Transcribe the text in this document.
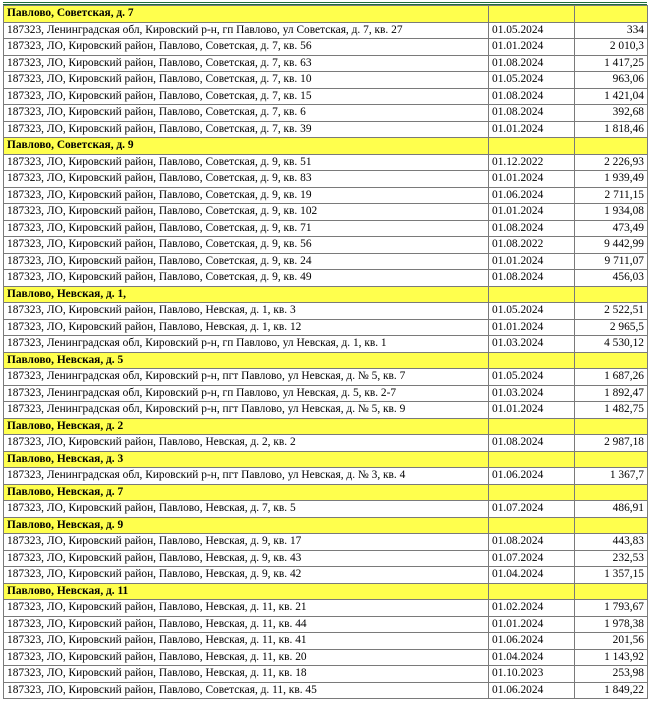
Павлово, Советская, д. 7		
187323, Ленинградская обл, Кировский р-н, гп Павлово, ул Советская, д. 7, кв. 27	01.05.2024	334
187323, ЛО, Кировский район, Павлово, Советская, д. 7, кв. 56	01.01.2024	2 010,3
187323, ЛО, Кировский район, Павлово, Советская, д. 7, кв. 63	01.08.2024	1 417,25
187323, ЛО, Кировский район, Павлово, Советская, д. 7, кв. 10	01.05.2024	963,06
187323, ЛО, Кировский район, Павлово, Советская, д. 7, кв. 15	01.08.2024	1 421,04
187323, ЛО, Кировский район, Павлово, Советская, д. 7, кв. 6	01.08.2024	392,68
187323, ЛО, Кировский район, Павлово, Советская, д. 7, кв. 39	01.01.2024	1 818,46
Павлово, Советская, д. 9		
187323, ЛО, Кировский район, Павлово, Советская, д. 9, кв. 51	01.12.2022	2 226,93
187323, ЛО, Кировский район, Павлово, Советская, д. 9, кв. 83	01.01.2024	1 939,49
187323, ЛО, Кировский район, Павлово, Советская, д. 9, кв. 19	01.06.2024	2 711,15
187323, ЛО, Кировский район, Павлово, Советская, д. 9, кв. 102	01.01.2024	1 934,08
187323, ЛО, Кировский район, Павлово, Советская, д. 9, кв. 71	01.08.2024	473,49
187323, ЛО, Кировский район, Павлово, Советская, д. 9, кв. 56	01.08.2022	9 442,99
187323, ЛО, Кировский район, Павлово, Советская, д. 9, кв. 24	01.01.2024	9 711,07
187323, ЛО, Кировский район, Павлово, Советская, д. 9, кв. 49	01.08.2024	456,03
Павлово, Невская, д. 1,		
187323, ЛО, Кировский район, Павлово, Невская, д. 1, кв. 3	01.05.2024	2 522,51
187323, ЛО, Кировский район, Павлово, Невская, д. 1, кв. 12	01.01.2024	2 965,5
187323, Ленинградская обл, Кировский р-н, гп Павлово, ул Невская, д. 1, кв. 1	01.03.2024	4 530,12
Павлово, Невская, д. 5		
187323, Ленинградская обл, Кировский р-н, пгт Павлово, ул Невская, д. № 5, кв. 7	01.05.2024	1 687,26
187323, Ленинградская обл, Кировский р-н, гп Павлово, ул Невская, д. 5, кв. 2-7	01.03.2024	1 892,47
187323, Ленинградская обл, Кировский р-н, пгт Павлово, ул Невская, д. № 5, кв. 9	01.01.2024	1 482,75
Павлово, Невская, д. 2		
187323, ЛО, Кировский район, Павлово, Невская, д. 2, кв. 2	01.08.2024	2 987,18
Павлово, Невская, д. 3		
187323, Ленинградская обл, Кировский р-н, пгт Павлово, ул Невская, д. № 3, кв. 4	01.06.2024	1 367,7
Павлово, Невская, д. 7		
187323, ЛО, Кировский район, Павлово, Невская, д. 7, кв. 5	01.07.2024	486,91
Павлово, Невская, д. 9		
187323, ЛО, Кировский район, Павлово, Невская, д. 9, кв. 17	01.08.2024	443,83
187323, ЛО, Кировский район, Павлово, Невская, д. 9, кв. 43	01.07.2024	232,53
187323, ЛО, Кировский район, Павлово, Невская, д. 9, кв. 42	01.04.2024	1 357,15
Павлово, Невская, д. 11		
187323, ЛО, Кировский район, Павлово, Невская, д. 11, кв. 21	01.02.2024	1 793,67
187323, ЛО, Кировский район, Павлово, Невская, д. 11, кв. 44	01.01.2024	1 978,38
187323, ЛО, Кировский район, Павлово, Невская, д. 11, кв. 41	01.06.2024	201,56
187323, ЛО, Кировский район, Павлово, Невская, д. 11, кв. 20	01.04.2024	1 143,92
187323, ЛО, Кировский район, Павлово, Невская, д. 11, кв. 18	01.10.2023	253,98
187323, ЛО, Кировский район, Павлово, Советская, д. 11, кв. 45	01.06.2024	1 849,22
